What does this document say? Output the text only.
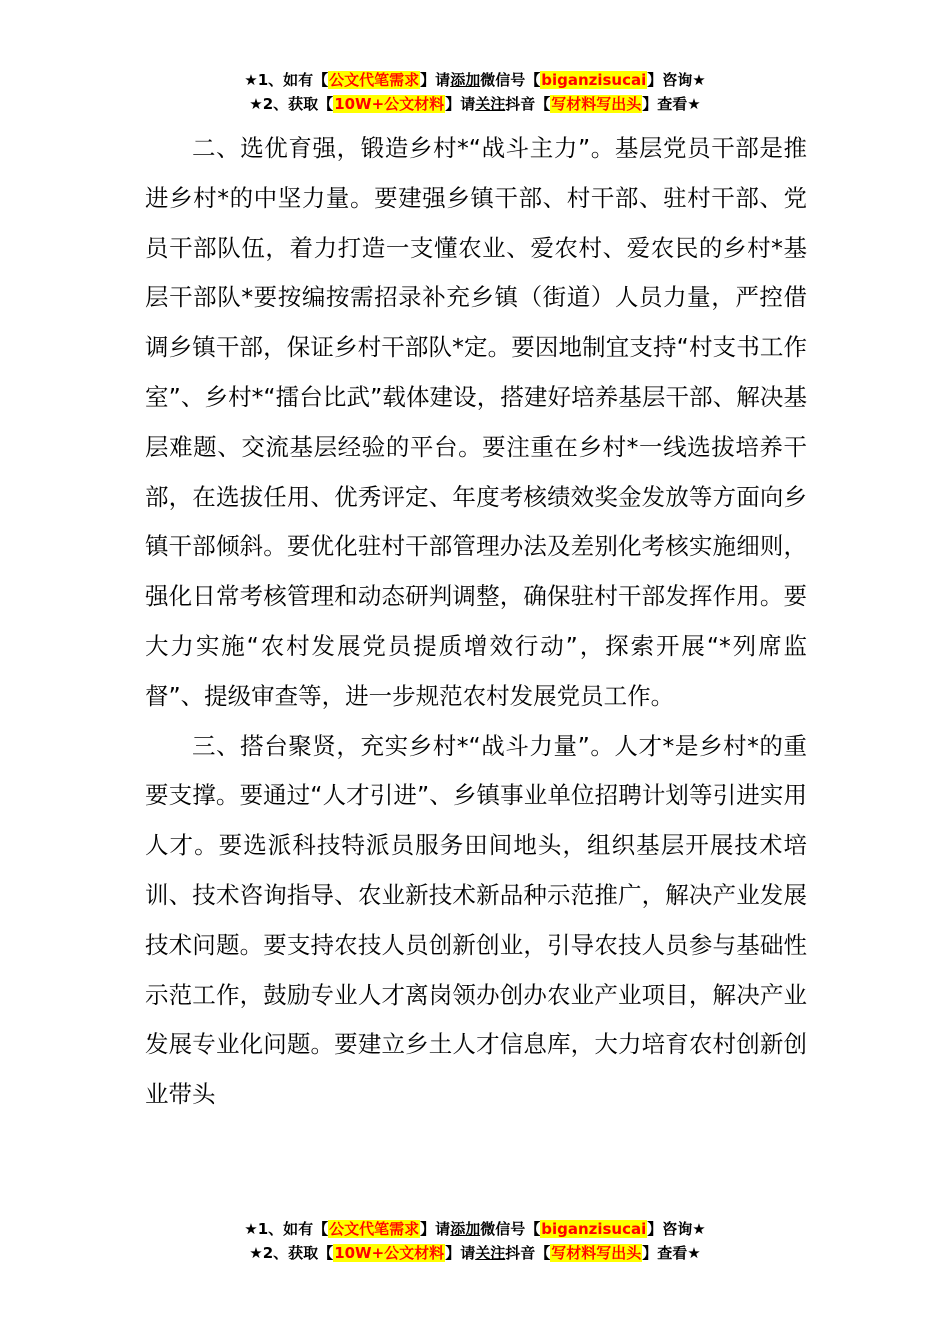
★1、如有【公文代笔需求】请添加微信号【biganzisucai】咨询★
★2、获取【10W+公文材料】请关注抖音【写材料写出头】查看★

二、选优育强，锻造乡村*“战斗主力”。基层党员干部是推进乡村*的中坚力量。要建强乡镇干部、村干部、驻村干部、党员干部队伍，着力打造一支懂农业、爱农村、爱农民的乡村*基层干部队*要按编按需招录补充乡镇（街道）人员力量，严控借调乡镇干部，保证乡村干部队*定。要因地制宜支持“村支书工作室”、乡村*“擂台比武”载体建设，搭建好培养基层干部、解决基层难题、交流基层经验的平台。要注重在乡村*一线选拔培养干部，在选拔任用、优秀评定、年度考核绩效奖金发放等方面向乡镇干部倾斜。要优化驻村干部管理办法及差别化考核实施细则，强化日常考核管理和动态研判调整，确保驻村干部发挥作用。要大力实施“农村发展党员提质增效行动”，探索开展“*列席监督”、提级审查等，进一步规范农村发展党员工作。

三、搭台聚贤，充实乡村*“战斗力量”。人才*是乡村*的重要支撑。要通过“人才引进”、乡镇事业单位招聘计划等引进实用人才。要选派科技特派员服务田间地头，组织基层开展技术培训、技术咨询指导、农业新技术新品种示范推广，解决产业发展技术问题。要支持农技人员创新创业，引导农技人员参与基础性示范工作，鼓励专业人才离岗领办创办农业产业项目，解决产业发展专业化问题。要建立乡土人才信息库，大力培育农村创新创业带头

★1、如有【公文代笔需求】请添加微信号【biganzisucai】咨询★
★2、获取【10W+公文材料】请关注抖音【写材料写出头】查看★
